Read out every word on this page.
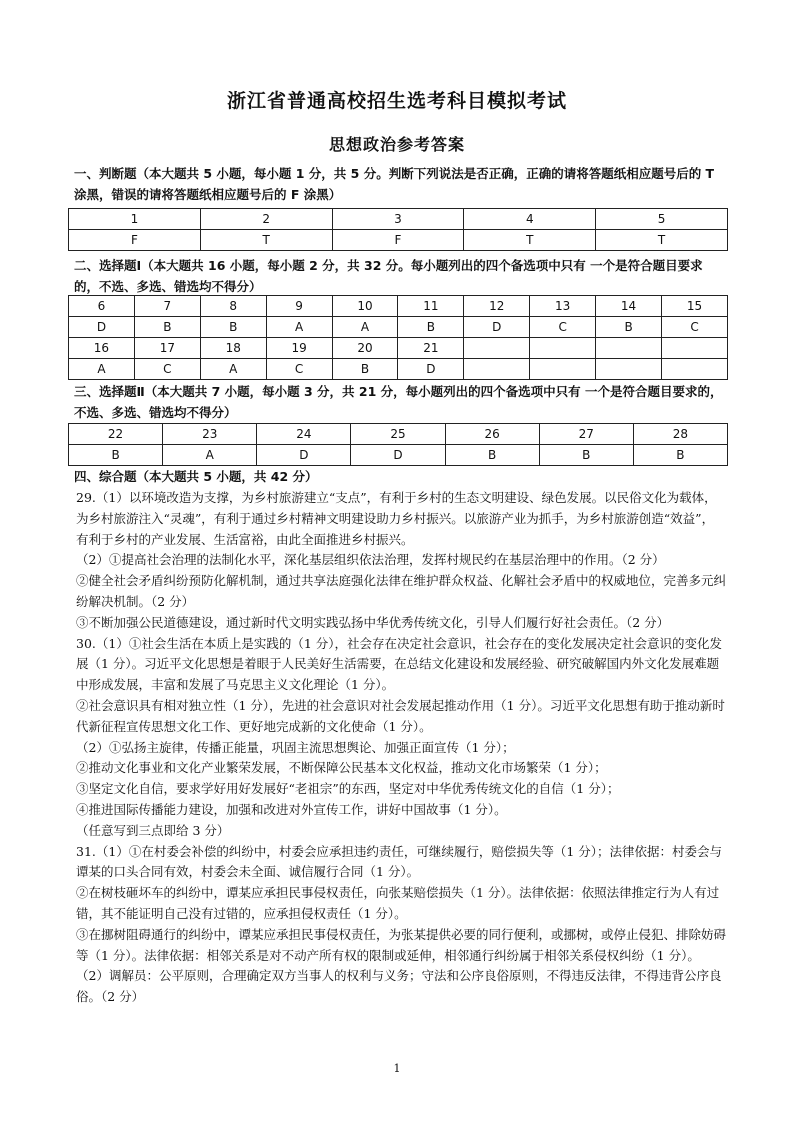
浙江省普通高校招生选考科目模拟考试
思想政治参考答案
一、判断题（本大题共 5 小题，每小题 1 分，共 5 分。判断下列说法是否正确，正确的请将答题纸相应题号后的 T 涂黑，错误的请将答题纸相应题号后的 F 涂黑）
1	2	3	4	5
F	T	F	T	T
二、选择题Ⅰ（本大题共 16 小题，每小题 2 分，共 32 分。每小题列出的四个备选项中只有 一个是符合题目要求的，不选、多选、错选均不得分）
6	7	8	9	10	11	12	13	14	15
D	B	B	A	A	B	D	C	B	C
16	17	18	19	20	21				
A	C	A	C	B	D				
三、选择题Ⅱ（本大题共 7 小题，每小题 3 分，共 21 分，每小题列出的四个备选项中只有 一个是符合题目要求的，不选、多选、错选均不得分）
22	23	24	25	26	27	28
B	A	D	D	B	B	B
四、综合题（本大题共 5 小题，共 42 分）

29.（1）以环境改造为支撑，为乡村旅游建立“支点”，有利于乡村的生态文明建设、绿色发展。以民俗文化为载体，为乡村旅游注入“灵魂”，有利于通过乡村精神文明建设助力乡村振兴。以旅游产业为抓手，为乡村旅游创造“效益”，有利于乡村的产业发展、生活富裕，由此全面推进乡村振兴。

（2）①提高社会治理的法制化水平，深化基层组织依法治理，发挥村规民约在基层治理中的作用。（2 分）

②健全社会矛盾纠纷预防化解机制，通过共享法庭强化法律在维护群众权益、化解社会矛盾中的权威地位，完善多元纠纷解决机制。（2 分）

③不断加强公民道德建设，通过新时代文明实践弘扬中华优秀传统文化，引导人们履行好社会责任。（2 分）

30.（1）①社会生活在本质上是实践的（1 分），社会存在决定社会意识，社会存在的变化发展决定社会意识的变化发展（1 分）。习近平文化思想是着眼于人民美好生活需要，在总结文化建设和发展经验、研究破解国内外文化发展难题中形成发展，丰富和发展了马克思主义文化理论（1 分）。

②社会意识具有相对独立性（1 分），先进的社会意识对社会发展起推动作用（1 分）。习近平文化思想有助于推动新时代新征程宣传思想文化工作、更好地完成新的文化使命（1 分）。

（2）①弘扬主旋律，传播正能量，巩固主流思想舆论、加强正面宣传（1 分）；

②推动文化事业和文化产业繁荣发展，不断保障公民基本文化权益，推动文化市场繁荣（1 分）；

③坚定文化自信，要求学好用好发展好“老祖宗”的东西，坚定对中华优秀传统文化的自信（1 分）；

④推进国际传播能力建设，加强和改进对外宣传工作，讲好中国故事（1 分）。

（任意写到三点即给 3 分）

31.（1）①在村委会补偿的纠纷中，村委会应承担违约责任，可继续履行，赔偿损失等（1 分）；法律依据：村委会与谭某的口头合同有效，村委会未全面、诚信履行合同（1 分）。

②在树枝砸坏车的纠纷中，谭某应承担民事侵权责任，向张某赔偿损失（1 分）。法律依据：依照法律推定行为人有过错，其不能证明自己没有过错的，应承担侵权责任（1 分）。

③在挪树阻碍通行的纠纷中，谭某应承担民事侵权责任，为张某提供必要的同行便利，或挪树，或停止侵犯、排除妨碍等（1 分）。法律依据：相邻关系是对不动产所有权的限制或延伸，相邻通行纠纷属于相邻关系侵权纠纷（1 分）。

（2）调解员：公平原则，合理确定双方当事人的权利与义务；守法和公序良俗原则，不得违反法律，不得违背公序良俗。（2 分）

1
